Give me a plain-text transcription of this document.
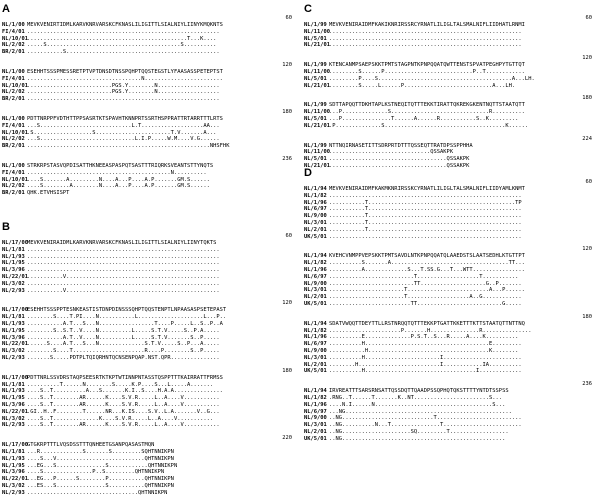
A
60
NL/1/00 MEVKVENIRTIDMLKARVKNRVARSKCFKNASLILIGITTLSIALNIYLIINYKMQKNTS
FI/4/01 ...........................................................
NL/10/01 .................................................T...K....
NL/2/02 .....S.........................................S..........
BR/2/01 ...........S...............................................
120
NL/1/00 ESEHHTSSSPMESSRETPTVPTDNSDTNSSPQHPTQQSTEGSTLYFAASASSPETEPTST
FI/4/01 ...................................N........................
NL/10/01 ..........................PGS.Y........N...................
NL/2/02 ..........................PGS.Y........N...................
BR/2/01 ...........................................................
180
NL/1/00 PDTTNRPPFVDTHTTPPSASRTKTSPAVHTKNNPRTSSRTHSPPRATTRTARRTTTLRTS
FI/4/01 ...S............................L.T...................AA...
NL/10/01 .S..................S.......................T.V.......A...
NL/2/02 ...S.............................L.I.P.....W.M....V.G......
BR/2/01 ........................................................NHSFHK
236
NL/1/00 STRKRPSTASVQPDISATTHKNEEASPASPQTSASTTTRIQRKSVEANTSTTYNQTS
FI/4/01 ............................................N..........
NL/10/01 ....S.......A.........N....A...P....A.P.......GM.S......
NL/2/02 ....S........A........N....A...P....A.P.......GM.S......
BR/2/01 QHK.ETVHSISPT
B
60
NL/17/00 MEVKVENIRAIDMLKARVKNRVARSKCFKNASLILIGITTLSIALNIYLIINYTQKTS
NL/1/81 ...........................................................
NL/1/93 ...........................................................
NL/1/95 ...........................................................
NL/3/96 ...........................................................
NL/22/01 ...........V...............................................
NL/3/02 ...........................................................
NL/2/93 ...........V...............................................
120
NL/17/00 ESEHHTSSSPPTESNKEASTISTDNPDINSSSQHPTQQSTENPTLNPAASASPSETEPAST
NL/1/81 ........S....T.PI....N...........L....................L...P..
NL/1/93 ...........A.T...S...N.................T....P.....L..S..P..A
NL/1/95 ........S..S.T..V....N..........L.....S.T.V.....S..P.A.....
NL/3/96 ...........A.T..V....N..........L.....S.T.V.......S..P.....
NL/22/01 ......S....A.T...S...N..............S.T.V.....S..P...A.....
NL/3/02 ........S....T......................R....P........S..P.....
NL/2/93 .......S.....PDTPLTQIQRHNTQCNSENPQAP.NST.QPR...............
180
NL/17/00 PDTTNRLSSVDRSTAQPSEESRTKTKPTWTINNPNTASSTQSPPTTTKAIRRATTFRMSS
NL/1/81 ..........T......N........S.....K.P....S...L.....A.......
NL/1/93 ....S..T..........A...S.......K.I..S....H.A.A...............
NL/1/95 ....S..T........AR......K....S.V.R.....L..A....V...........
NL/3/96 ....S..T........AR......K....S.V.R.....L..A....V...........
NL/22/01 .GI..H..F........T......NR...K.IS....S.V..L.A.......V..G...
NL/3/02 ....S..T..............K....S.V.R.....L..A....V...........
NL/2/93 ....S..T........AR......K....S.V.R.....L..A....V...........
220
NL/17/00 GTGKRPTTTLVQSDSSTTTQNHEETGSANPQASASTMQN
NL/1/81 ...R.............S.......S.........SQHTNNIKPN
NL/1/93 ....S...V...........................QHTNNIKPN
NL/1/95 ...EG...S...............S............QHTNNIKPN
NL/3/96 ....S...............P..S.........QHTNNIKPN
NL/22/01 ...EG...P......S........P...........QHTNNIKPN
NL/3/02 ...ES...S...............S...........QHTNNIKPN
NL/2/93 ..................................QHTNNIKPN
C
60
NL/1/99 MEVKVENIRAIDMFKAKIKNRIRSSRCYRNATLILIGLTALSMALNIFLIIDHATLRNMI
NL/11/00 ...........................................................
NL/5/01 ...........................................................
NL/21/01 ...........................................................
120
NL/1/99 KTENCANMPSAEPSKKTPMTSTAGPNTKPNPQQATQWTTENSTSPVATPEGHPYTGTTQT
NL/11/00 .........S......P...........................P..T............
NL/5/01 .........P....S.........................................A...LH.
NL/21/01 .........S.....L......P...........................A...LH.
180
NL/1/99 SDTTAPQQTTDKHTAPLKSTNEQITQTTTEKKTIRATTQKREKGKENTNQTTSTAATQTT
NL/11/00 ...P..............S..............................R..........
NL/5/01 ...P...............T......A......R...........S..K.........
NL/21/01 .P..............S.....................................K......
224
NL/1/99 NTTNQIRNASETITTSDRPRTDTTTQSSEQTTRATDPSSPPHHA
NL/11/00 ...............................QSSAKPK
NL/5/01 ....................................QSSAKPK
NL/21/01 ....................................QSSAKPK
D
60
NL/1/94 MEVKVENIRAIDMFKAKMKNRIRSSKCYRNATLILIGLTALSMALNIFLIIDYAMLKNMT
NL/1/82 ...........................................................
NL/1/96 ...........T.............................................TP
NL/6/97 ...........T...............................................
NL/9/00 ...........T...............................................
NL/3/01 ...........T...............................................
NL/2/01 ...........T...............................................
UK/5/01 ...........................................................
120
NL/1/94 KVEHCVNMPPVEPSKKTPMTSAVDLNTKPNPQQATQLAAEDSTSLAATSEDHLKTGTTPT
NL/1/82 ..........S.......A....................................TT...
NL/1/96 ..........A.............S...T.SS.G...T...WTT................
NL/6/97 ..........................T...................T...........
NL/9/00 ..........................TT....................G..P.......
NL/3/01 .......................T.........................A...P......
NL/2/01 .......................T...................A..G............
UK/5/01 .........................TT..........................G.....
180
NL/1/94 SDATVWQQTTDEYTTLLRSTNRQQTQTTTEKKPTGATTKKETTTKTTSTAATQTTNTTNQ
NL/1/82 ......................P.......H...............R...............
NL/1/96 ..........E..............P.S.T..S...R.....A....K..........
NL/6/97 ..........H......................................E.........
NL/9/00 ...........H.....................................K........
NL/3/01 ..........H.......................I........................
NL/2/01 ........H.........................I............IA..........
UK/5/01 ..........H..................................I.............
236
NL/1/94 IRVREATTTSARSRNSATTQSSDQTTQAADPSSQPHQTQKSTTTTYNTDTSSPSS
NL/1/82 .RNG..T......T.......K..NT.......................S...
NL/1/96 ....N.I......N....................................S...
NL/6/97 ...NG...................................................
NL/9/00 ..NG............................T..........................
NL/3/01 ..NG..........N...T...............T........................
NL/2/01 ..NG.....................SQ.........T..................
UK/5/01 ..NG..................................................
